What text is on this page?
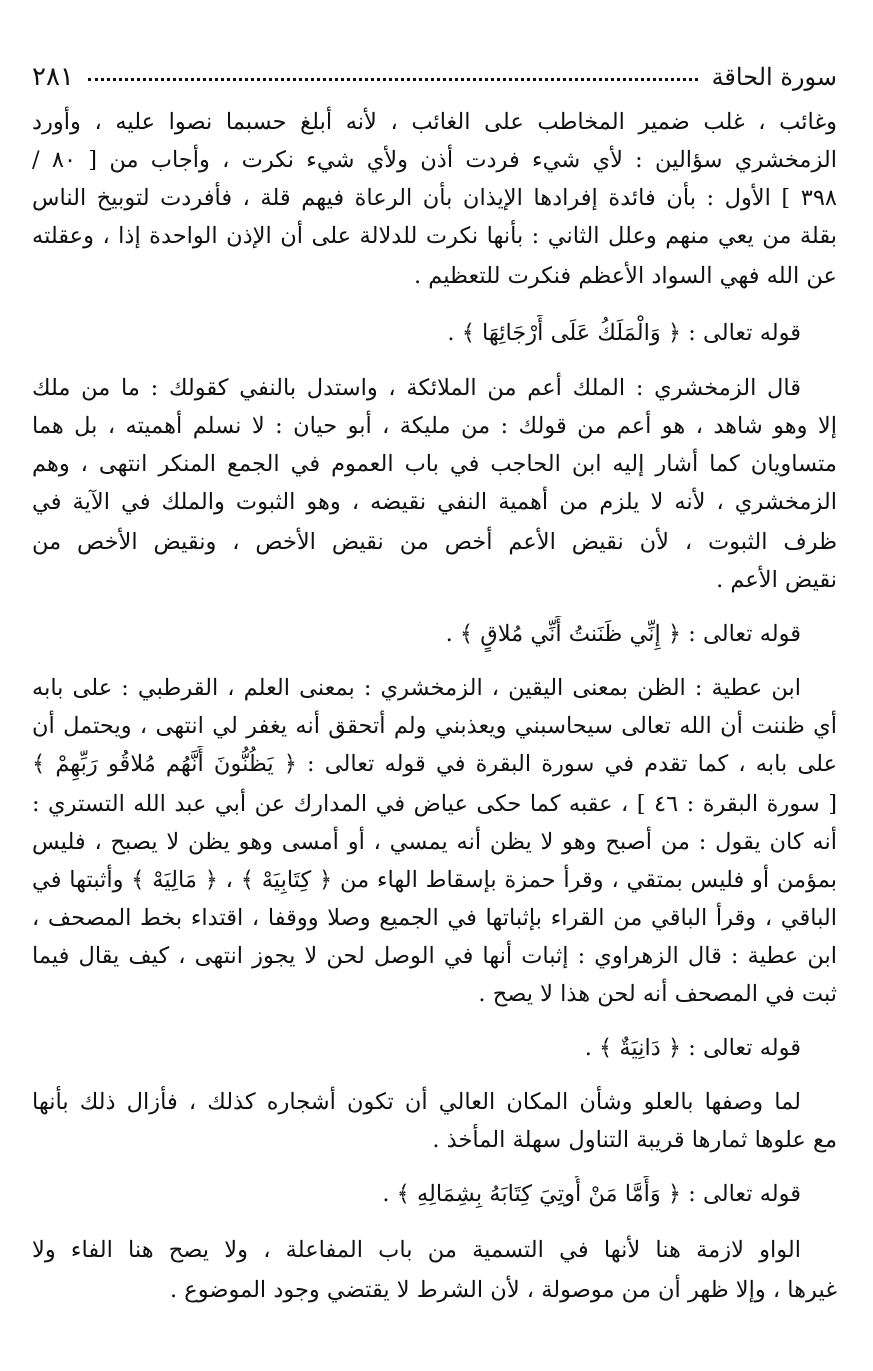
سورة الحاقة
٢٨١
وغائب ، غلب ضمير المخاطب على الغائب ، لأنه أبلغ حسبما نصوا عليه ، وأورد
الزمخشري سؤالين : لأي شيء فردت أذن ولأي شيء نكرت ، وأجاب من [ ٨٠ /
٣٩٨ ] الأول : بأن فائدة إفرادها الإيذان بأن الرعاة فيهم قلة ، فأفردت لتوبيخ الناس
بقلة من يعي منهم وعلل الثاني : بأنها نكرت للدلالة على أن الإذن الواحدة إذا ، وعقلته
عن الله فهي السواد الأعظم فنكرت للتعظيم .
قوله تعالى : ﴿ وَالْمَلَكُ عَلَى أَرْجَائِهَا ﴾ .
قال الزمخشري : الملك أعم من الملائكة ، واستدل بالنفي كقولك : ما من ملك
إلا وهو شاهد ، هو أعم من قولك : من مليكة ، أبو حيان : لا نسلم أهميته ، بل هما
متساويان كما أشار إليه ابن الحاجب في باب العموم في الجمع المنكر انتهى ، وهم
الزمخشري ، لأنه لا يلزم من أهمية النفي نقيضه ، وهو الثبوت والملك في الآية في
ظرف الثبوت ، لأن نقيض الأعم أخص من نقيض الأخص ، ونقيض الأخص من
نقيض الأعم .
قوله تعالى : ﴿ إِنِّي ظَنَنتُ أَنِّي مُلاقٍ ﴾ .
ابن عطية : الظن بمعنى اليقين ، الزمخشري : بمعنى العلم ، القرطبي : على بابه
أي ظننت أن الله تعالى سيحاسبني ويعذبني ولم أتحقق أنه يغفر لي انتهى ، ويحتمل أن
على بابه ، كما تقدم في سورة البقرة في قوله تعالى : ﴿ يَظُنُّونَ أَنَّهُم مُلاقُو رَبِّهِمْ ﴾
[ سورة البقرة : ٤٦ ] ، عقبه كما حكى عياض في المدارك عن أبي عبد الله التستري :
أنه كان يقول : من أصبح وهو لا يظن أنه يمسي ، أو أمسى وهو يظن لا يصبح ، فليس
بمؤمن أو فليس بمتقي ، وقرأ حمزة بإسقاط الهاء من ﴿ كِتَابِيَهْ ﴾ ، ﴿ مَالِيَهْ ﴾ وأثبتها في
الباقي ، وقرأ الباقي من القراء بإثباتها في الجميع وصلا ووقفا ، اقتداء بخط المصحف ،
ابن عطية : قال الزهراوي : إثبات أنها في الوصل لحن لا يجوز انتهى ، كيف يقال فيما
ثبت في المصحف أنه لحن هذا لا يصح .
قوله تعالى : ﴿ دَانِيَةٌ ﴾ .
لما وصفها بالعلو وشأن المكان العالي أن تكون أشجاره كذلك ، فأزال ذلك بأنها
مع علوها ثمارها قريبة التناول سهلة المأخذ .
قوله تعالى : ﴿ وَأَمَّا مَنْ أُوتِيَ كِتَابَهُ بِشِمَالِهِ ﴾ .
الواو لازمة هنا لأنها في التسمية من باب المفاعلة ، ولا يصح هنا الفاء ولا
غيرها ، وإلا ظهر أن من موصولة ، لأن الشرط لا يقتضي وجود الموضوع .
